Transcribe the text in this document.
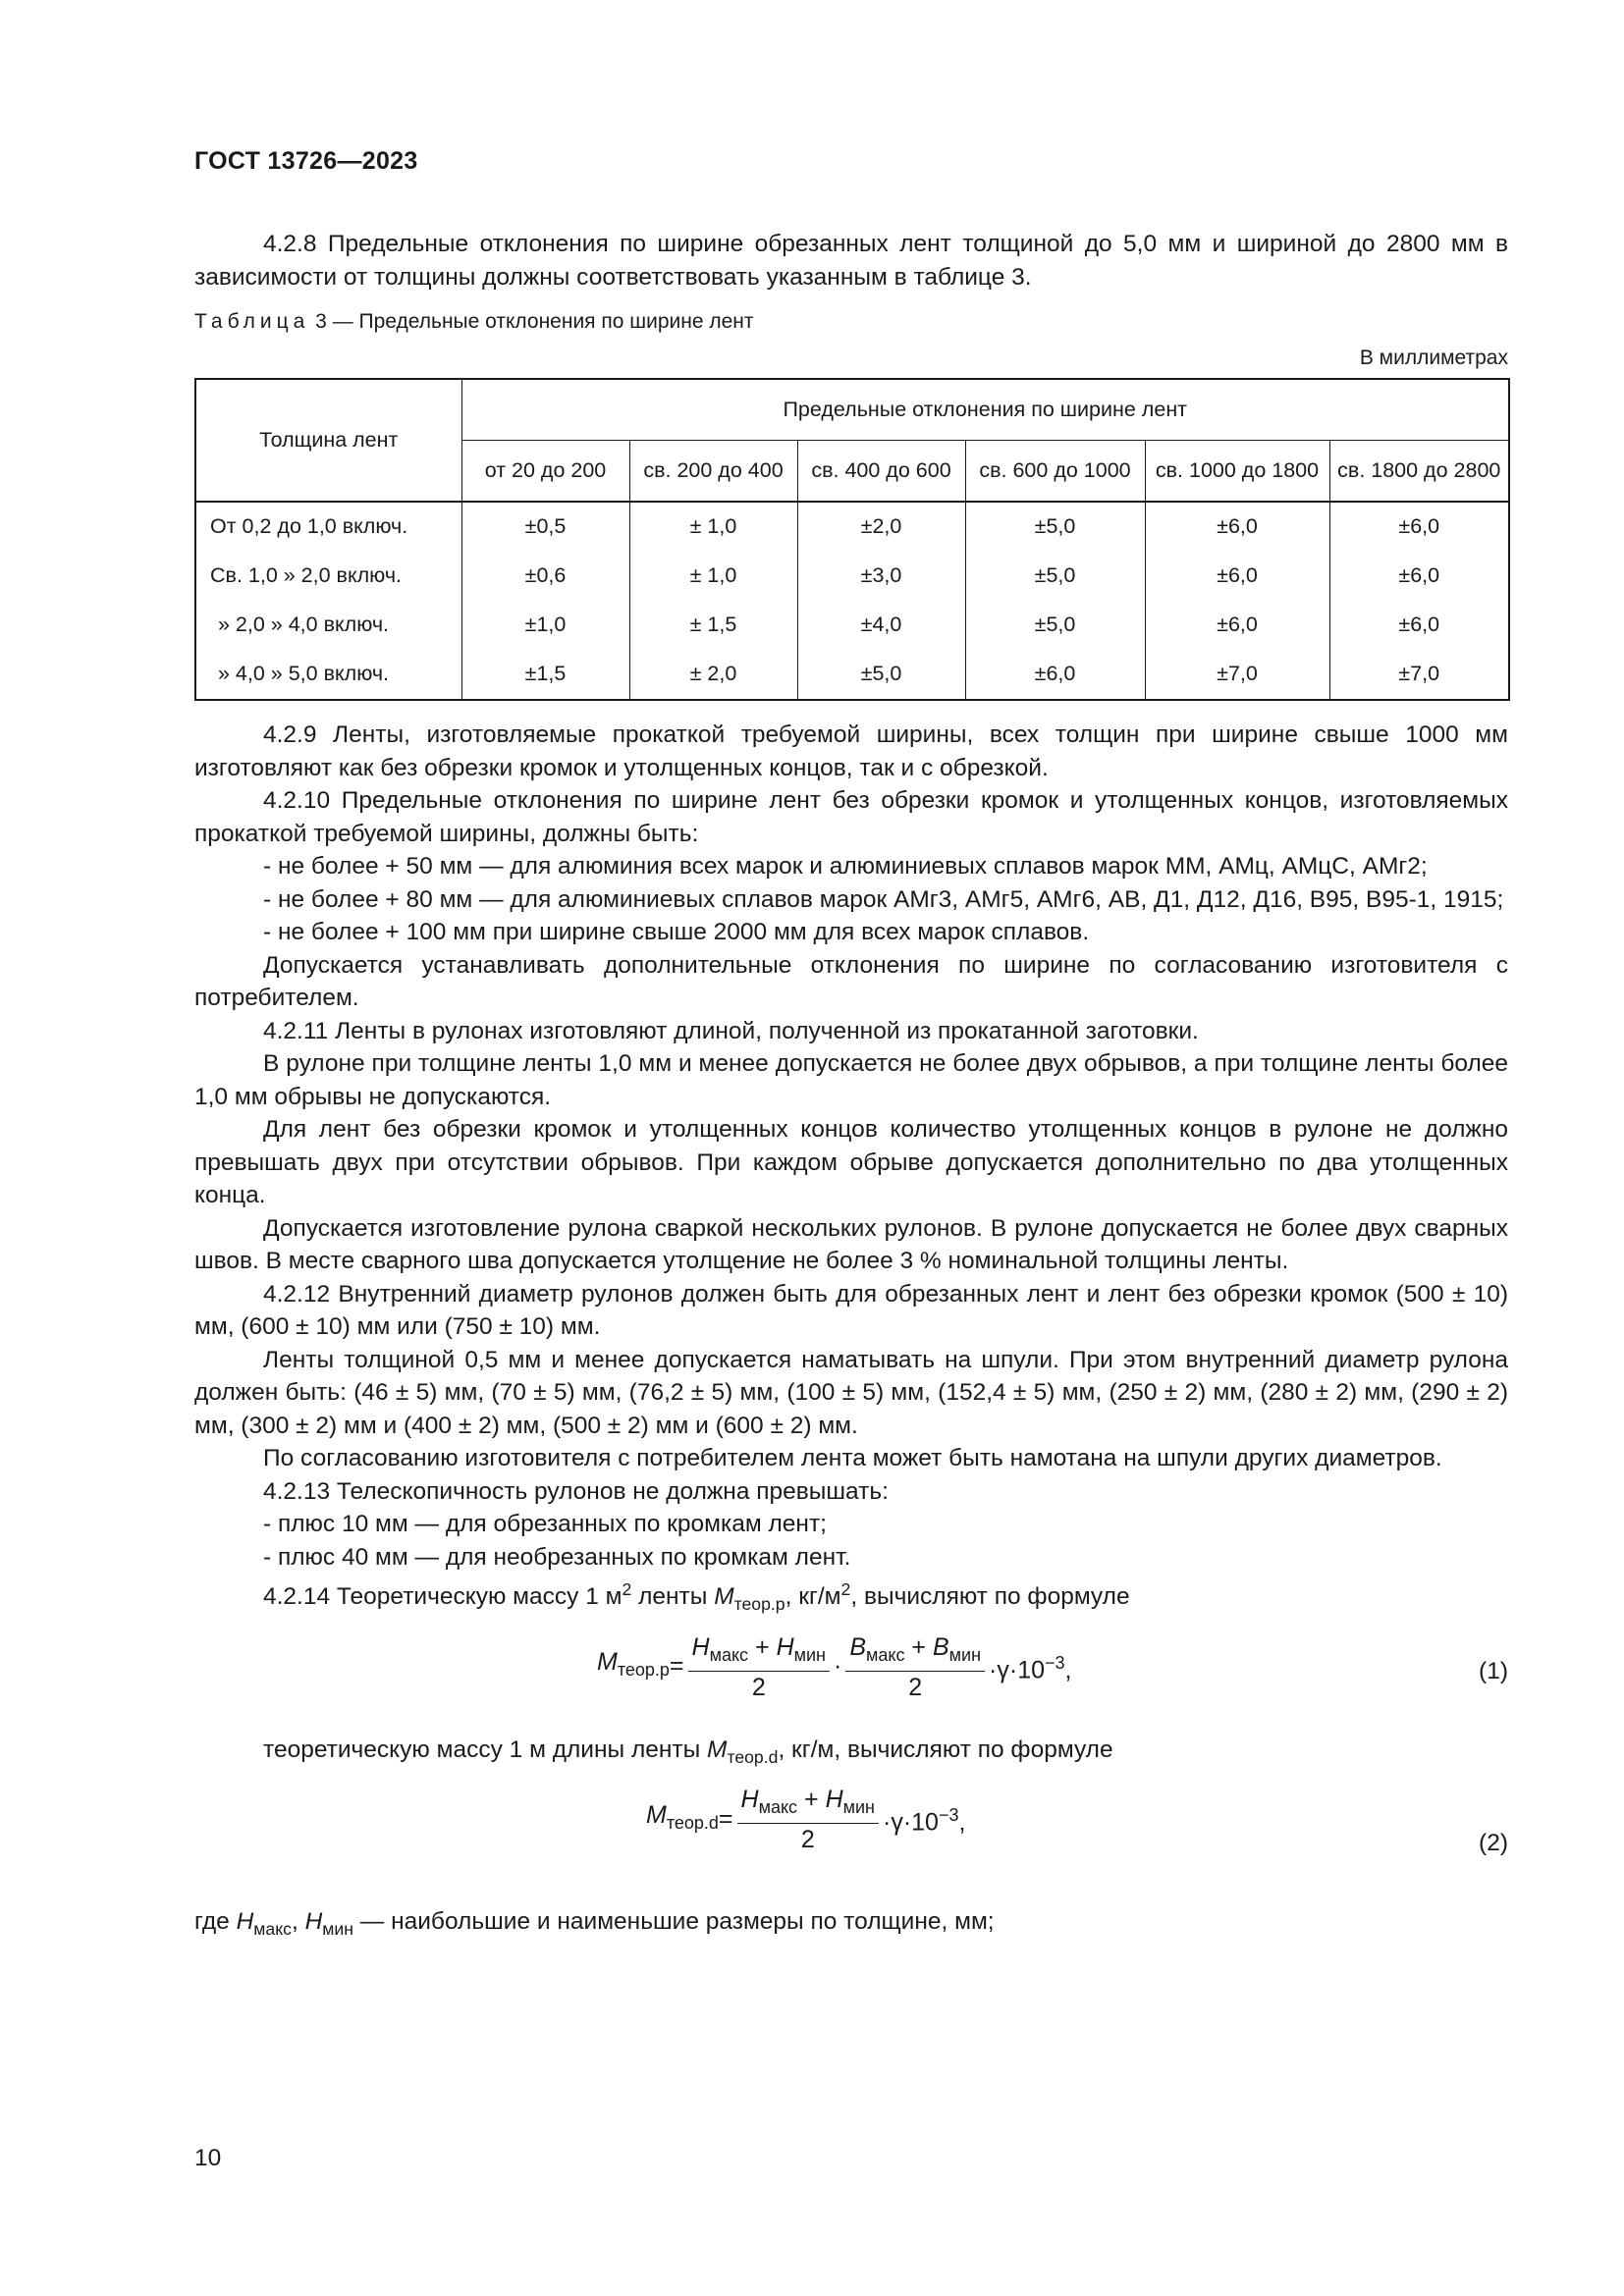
ГОСТ 13726—2023

4.2.8 Предельные отклонения по ширине обрезанных лент толщиной до 5,0 мм и шириной до 2800 мм в зависимости от толщины должны соответствовать указанным в таблице 3.

Таблица 3 — Предельные отклонения по ширине лент
В миллиметрах
Толщина лент	Предельные отклонения по ширине лент					
	от 20 до 200	св. 200 до 400	св. 400 до 600	св. 600 до 1000	св. 1000 до 1800	св. 1800 до 2800
От 0,2 до 1,0 включ.	±0,5	± 1,0	±2,0	±5,0	±6,0	±6,0
Св. 1,0 » 2,0 включ.	±0,6	± 1,0	±3,0	±5,0	±6,0	±6,0
» 2,0 » 4,0 включ.	±1,0	± 1,5	±4,0	±5,0	±6,0	±6,0
» 4,0 » 5,0 включ.	±1,5	± 2,0	±5,0	±6,0	±7,0	±7,0

4.2.9 Ленты, изготовляемые прокаткой требуемой ширины, всех толщин при ширине свыше 1000 мм изготовляют как без обрезки кромок и утолщенных концов, так и с обрезкой.

4.2.10 Предельные отклонения по ширине лент без обрезки кромок и утолщенных концов, изготовляемых прокаткой требуемой ширины, должны быть:

- не более + 50 мм — для алюминия всех марок и алюминиевых сплавов марок ММ, АМц, АМцС, АМг2;

- не более + 80 мм — для алюминиевых сплавов марок АМг3, АМг5, АМг6, АВ, Д1, Д12, Д16, В95, В95-1, 1915;

- не более + 100 мм при ширине свыше 2000 мм для всех марок сплавов.

Допускается устанавливать дополнительные отклонения по ширине по согласованию изготовителя с потребителем.

4.2.11 Ленты в рулонах изготовляют длиной, полученной из прокатанной заготовки.

В рулоне при толщине ленты 1,0 мм и менее допускается не более двух обрывов, а при толщине ленты более 1,0 мм обрывы не допускаются.

Для лент без обрезки кромок и утолщенных концов количество утолщенных концов в рулоне не должно превышать двух при отсутствии обрывов. При каждом обрыве допускается дополнительно по два утолщенных конца.

Допускается изготовление рулона сваркой нескольких рулонов. В рулоне допускается не более двух сварных швов. В месте сварного шва допускается утолщение не более 3 % номинальной толщины ленты.

4.2.12 Внутренний диаметр рулонов должен быть для обрезанных лент и лент без обрезки кромок (500 ± 10) мм, (600 ± 10) мм или (750 ± 10) мм.

Ленты толщиной 0,5 мм и менее допускается наматывать на шпули. При этом внутренний диаметр рулона должен быть: (46 ± 5) мм, (70 ± 5) мм, (76,2 ± 5) мм, (100 ± 5) мм, (152,4 ± 5) мм, (250 ± 2) мм, (280 ± 2) мм, (290 ± 2) мм, (300 ± 2) мм и (400 ± 2) мм, (500 ± 2) мм и (600 ± 2) мм.

По согласованию изготовителя с потребителем лента может быть намотана на шпули других диаметров.

4.2.13 Телескопичность рулонов не должна превышать:

- плюс 10 мм — для обрезанных по кромкам лент;

- плюс 40 мм — для необрезанных по кромкам лент.

4.2.14 Теоретическую массу 1 $м^2$ ленты $M_{теор.p}$, $кг/м^2$, вычисляют по формуле

$M_{теор.p} = \frac{H_{макс} + H_{мин}}{2} \cdot \frac{B_{макс} + B_{мин}}{2} \cdot\gamma\cdot 10^{-3}$,	(1)

теоретическую массу 1 м длины ленты $M_{теор.d}$, кг/м, вычисляют по формуле

$M_{теор.d} = \frac{H_{макс} + H_{мин}}{2} \cdot\gamma\cdot 10^{-3}$,
(2)

где $H_{макс}$, $H_{мин}$ — наибольшие и наименьшие размеры по толщине, мм;

10
